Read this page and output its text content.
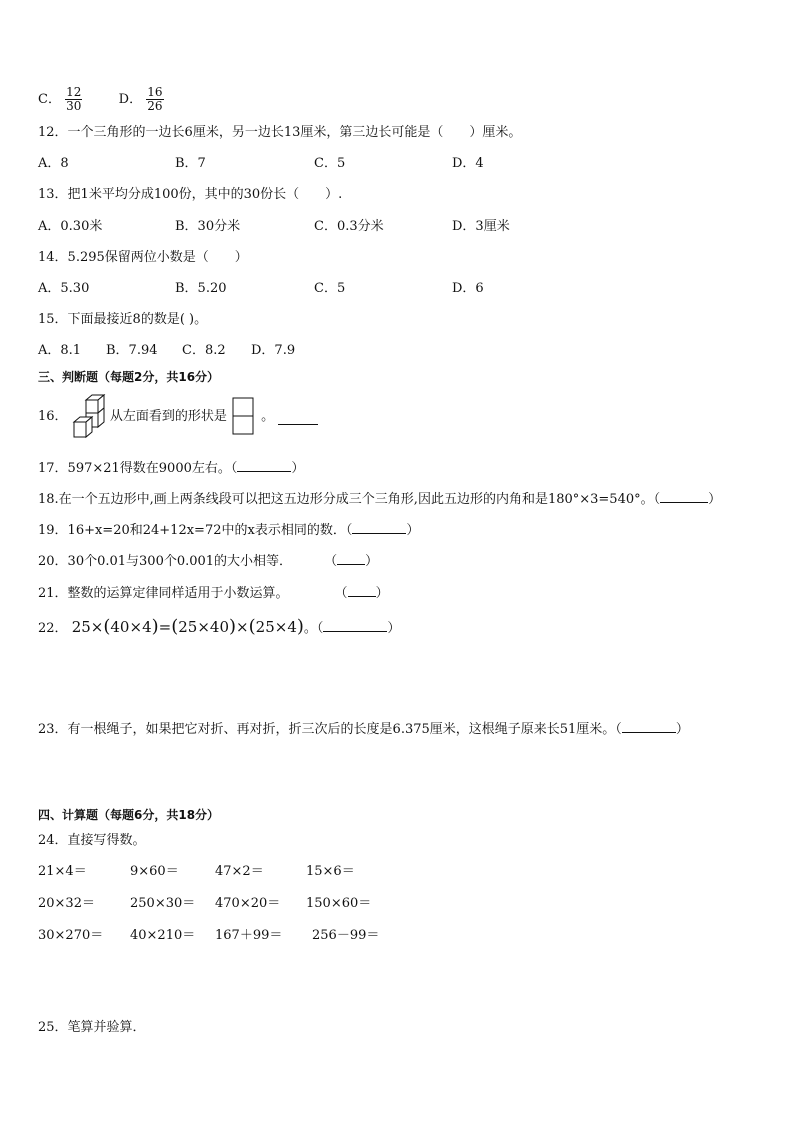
C． $\frac{12}{30}$	D． $\frac{16}{26}$
12．一个三角形的一边长6厘米，另一边长13厘米，第三边长可能是（　　）厘米。
A．8	B．7	C．5	D．4
13．把1米平均分成100份，其中的30份长（　　）.
A．0.30米	B．30分米	C．0.3分米	D．3厘米
14．5.295保留两位小数是（　　）
A．5.30	B．5.20	C．5	D．6
15．下面最接近8的数是( )。
A．8.1 B．7.94 C．8.2 D．7.9
三、判断题（每题2分，共16分）
16．	从左面看到的形状是	。
17．597×21得数在9000左右。（	）
18.在一个五边形中,画上两条线段可以把这五边形分成三个三角形,因此五边形的内角和是180°×3=540°。（	）
19．16+x=20和24+12x=72中的x表示相同的数．（	）
20．30个0.01与300个0.001的大小相等． （ ）
21．整数的运算定律同样适用于小数运算。	（ ）
22． 25×(40×4)=(25×40)×(25×4)。（	）
23．有一根绳子，如果把它对折、再对折，折三次后的长度是6.375厘米，这根绳子原来长51厘米。（	）
四、计算题（每题6分，共18分）
24．直接写得数。
21×4＝	9×60＝	47×2＝	15×6＝
20×32＝	250×30＝ 470×20＝ 150×60＝
30×270＝ 40×210＝ 167＋99＝ 256－99＝
25．笔算并验算．
